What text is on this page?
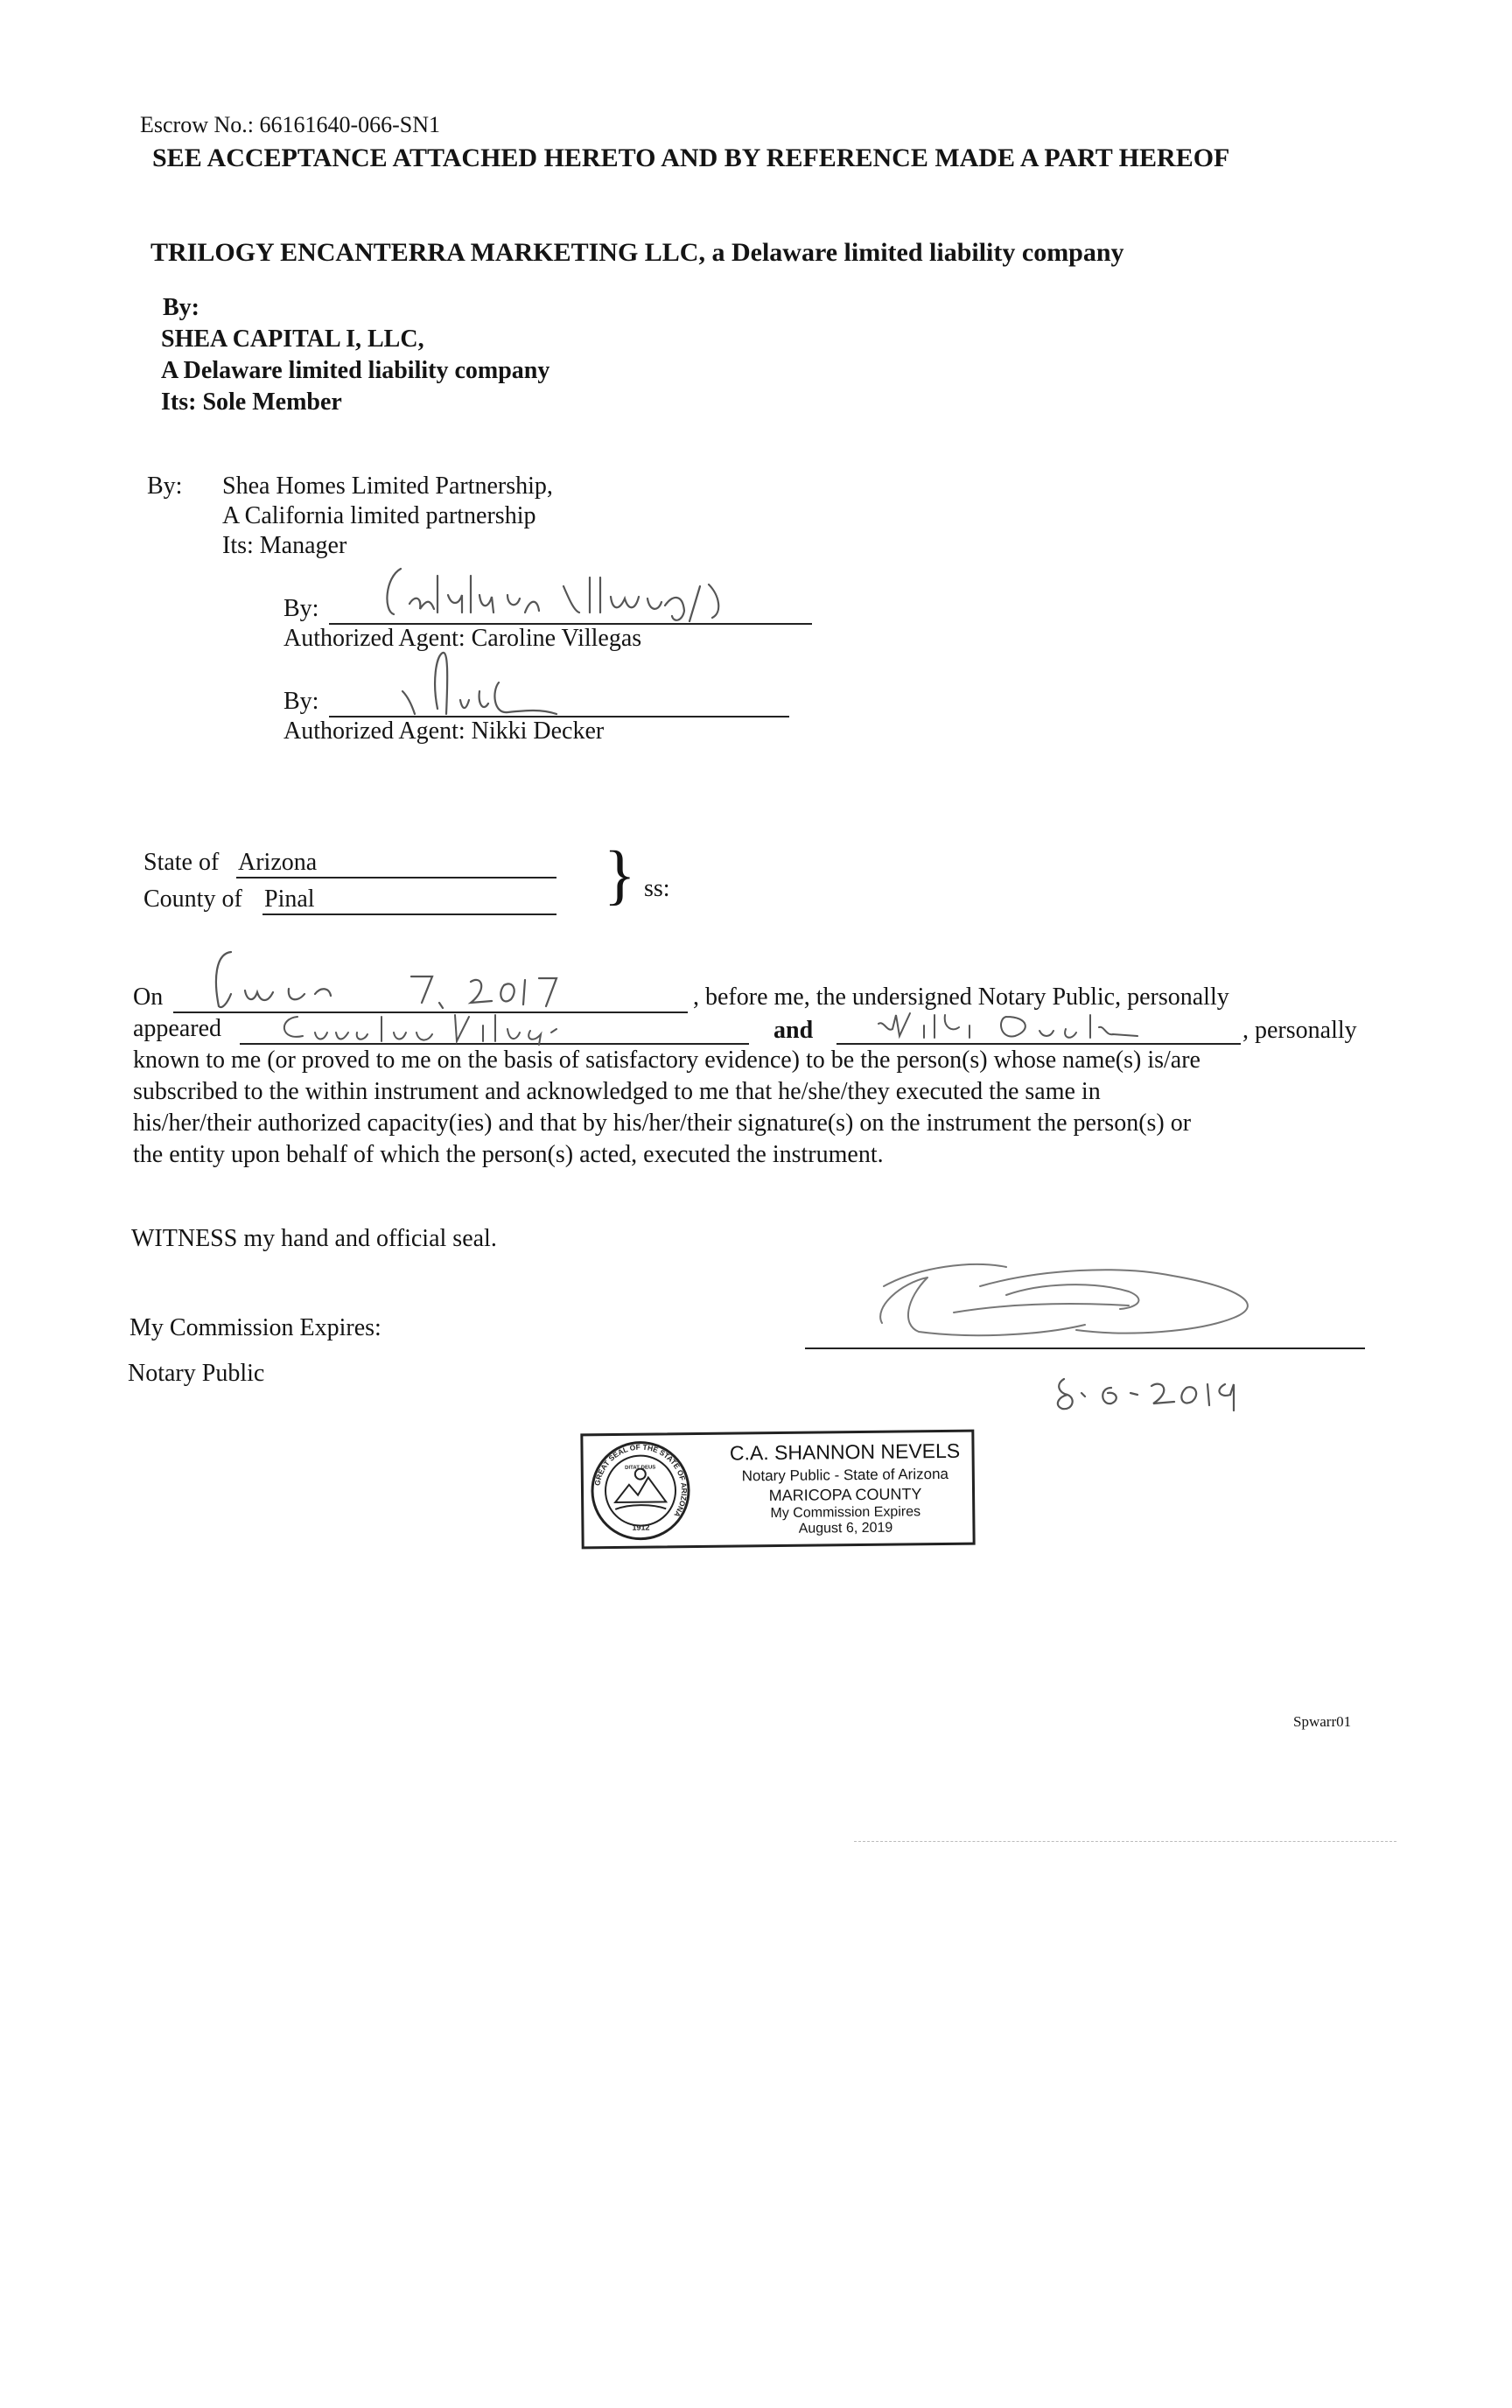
Escrow No.: 66161640-066-SN1
SEE ACCEPTANCE ATTACHED HERETO AND BY REFERENCE MADE A PART HEREOF
TRILOGY ENCANTERRA MARKETING LLC, a Delaware limited liability company
By:
SHEA CAPITAL I, LLC,
A Delaware limited liability company
Its: Sole Member
By: Shea Homes Limited Partnership,
A California limited partnership
Its: Manager
By:
Authorized Agent: Caroline Villegas
By:
Authorized Agent: Nikki Decker
State of Arizona
County of Pinal	} ss:
On	, before me, the undersigned Notary Public, personally
appeared	and	, personally
known to me (or proved to me on the basis of satisfactory evidence) to be the person(s) whose name(s) is/are
subscribed to the within instrument and acknowledged to me that he/she/they executed the same in
his/her/their authorized capacity(ies) and that by his/her/their signature(s) on the instrument the person(s) or
the entity upon behalf of which the person(s) acted, executed the instrument.
WITNESS my hand and official seal.
My Commission Expires:
Notary Public
GREAT SEAL OF THE STATE OF ARIZONA
DITAT DEUS
1912
C.A. SHANNON NEVELS
Notary Public - State of Arizona
MARICOPA COUNTY
My Commission Expires
August 6, 2019
Spwarr01
